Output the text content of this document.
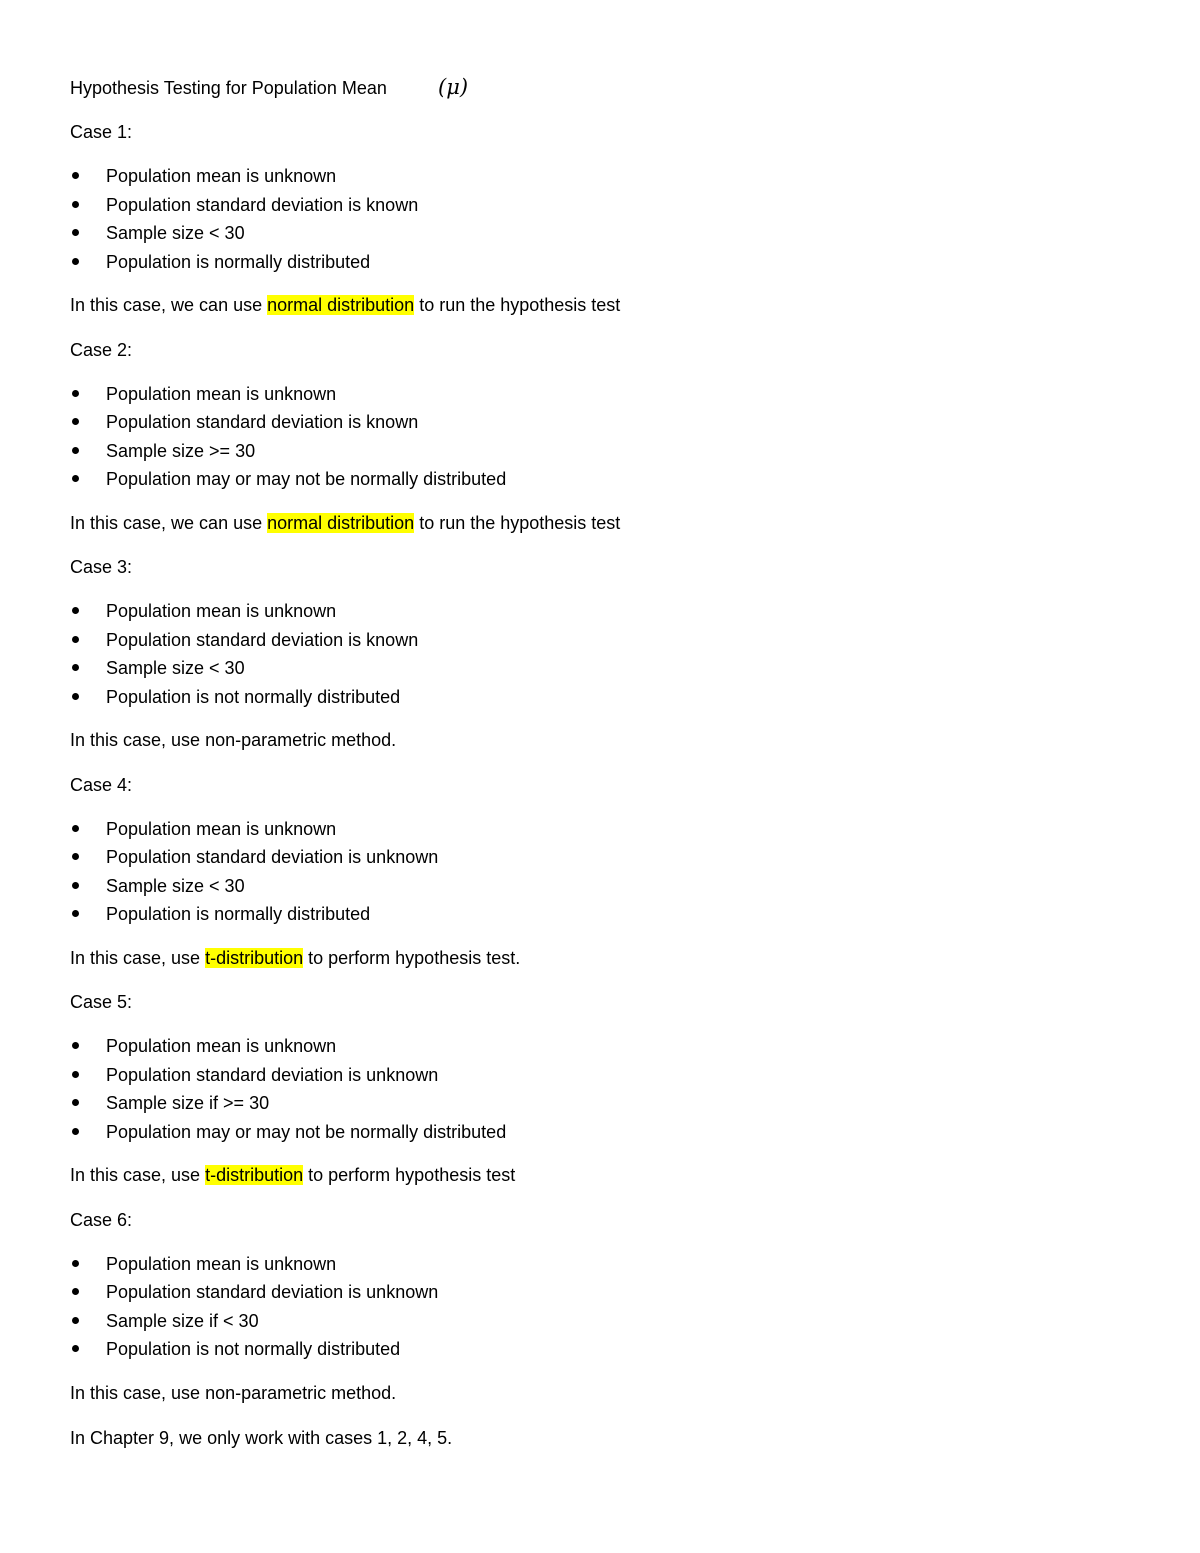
Hypothesis Testing for Population Mean (μ)
Case 1:
Population mean is unknown
Population standard deviation is known
Sample size < 30
Population is normally distributed
In this case, we can use normal distribution to run the hypothesis test
Case 2:
Population mean is unknown
Population standard deviation is known
Sample size >= 30
Population may or may not be normally distributed
In this case, we can use normal distribution to run the hypothesis test
Case 3:
Population mean is unknown
Population standard deviation is known
Sample size < 30
Population is not normally distributed
In this case, use non-parametric method.
Case 4:
Population mean is unknown
Population standard deviation is unknown
Sample size < 30
Population is normally distributed
In this case, use t-distribution to perform hypothesis test.
Case 5:
Population mean is unknown
Population standard deviation is unknown
Sample size if >= 30
Population may or may not be normally distributed
In this case, use t-distribution to perform hypothesis test
Case 6:
Population mean is unknown
Population standard deviation is unknown
Sample size if < 30
Population is not normally distributed
In this case, use non-parametric method.
In Chapter 9, we only work with cases 1, 2, 4, 5.
